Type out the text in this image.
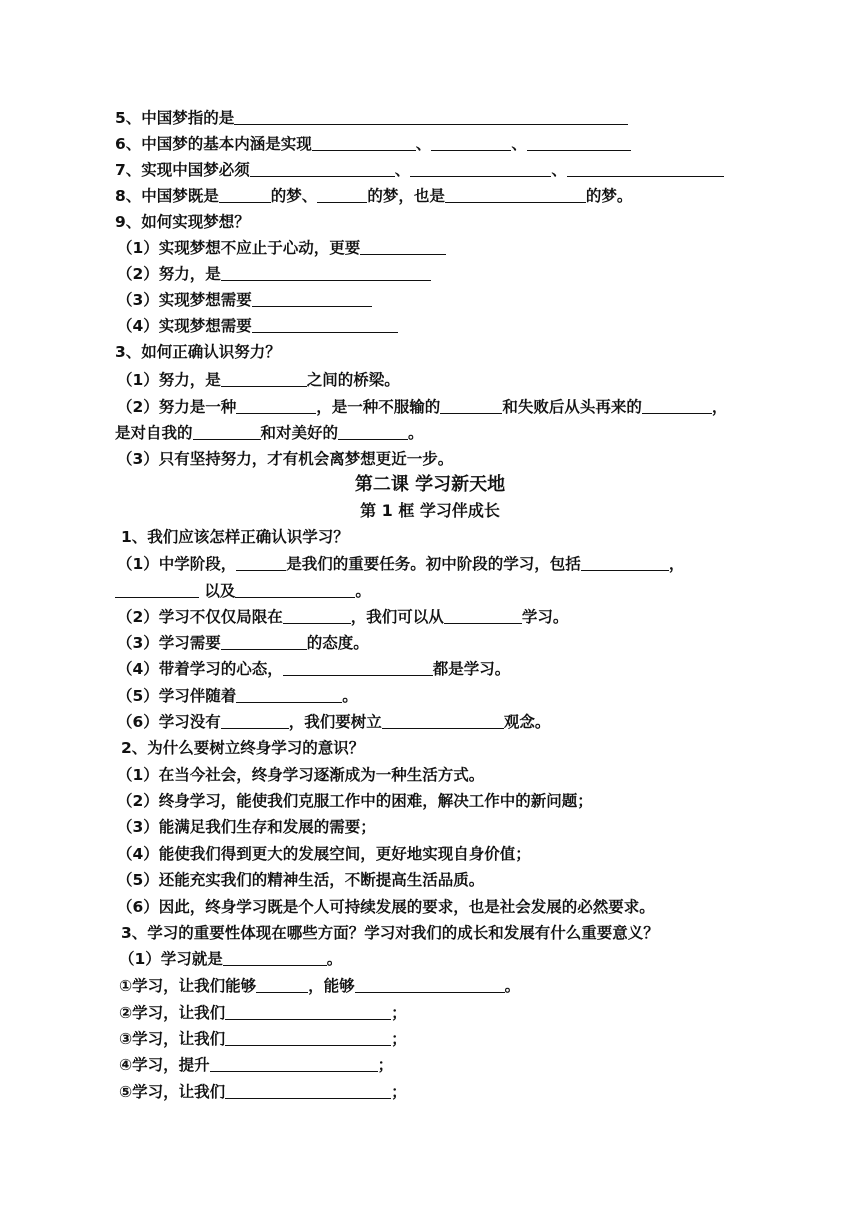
5、中国梦指的是
6、中国梦的基本内涵是实现	、	、
7、实现中国梦必须	、	、
8、中国梦既是	的梦、	的梦，也是	的梦。
9、如何实现梦想？
（1）实现梦想不应止于心动，更要
（2）努力，是
（3）实现梦想需要
（4）实现梦想需要
3、如何正确认识努力？
（1）努力，是	之间的桥梁。
（2）努力是一种	，是一种不服输的	和失败后从头再来的	，
是对自我的	和对美好的	。
（3）只有坚持努力，才有机会离梦想更近一步。
第二课 学习新天地
第 1 框 学习伴成长
1、我们应该怎样正确认识学习？
（1）中学阶段，	是我们的重要任务。初中阶段的学习，包括	，
以及	。
（2）学习不仅仅局限在	，我们可以从	学习。
（3）学习需要	的态度。
（4）带着学习的心态，	都是学习。
（5）学习伴随着	。
（6）学习没有	，我们要树立	观念。
2、为什么要树立终身学习的意识？
（1）在当今社会，终身学习逐渐成为一种生活方式。
（2）终身学习，能使我们克服工作中的困难，解决工作中的新问题；
（3）能满足我们生存和发展的需要；
（4）能使我们得到更大的发展空间，更好地实现自身价值；
（5）还能充实我们的精神生活，不断提高生活品质。
（6）因此，终身学习既是个人可持续发展的要求，也是社会发展的必然要求。
3、学习的重要性体现在哪些方面？学习对我们的成长和发展有什么重要意义？
（1）学习就是	。
①学习，让我们能够	，能够	。
②学习，让我们	；
③学习，让我们	；
④学习，提升	；
⑤学习，让我们	；
